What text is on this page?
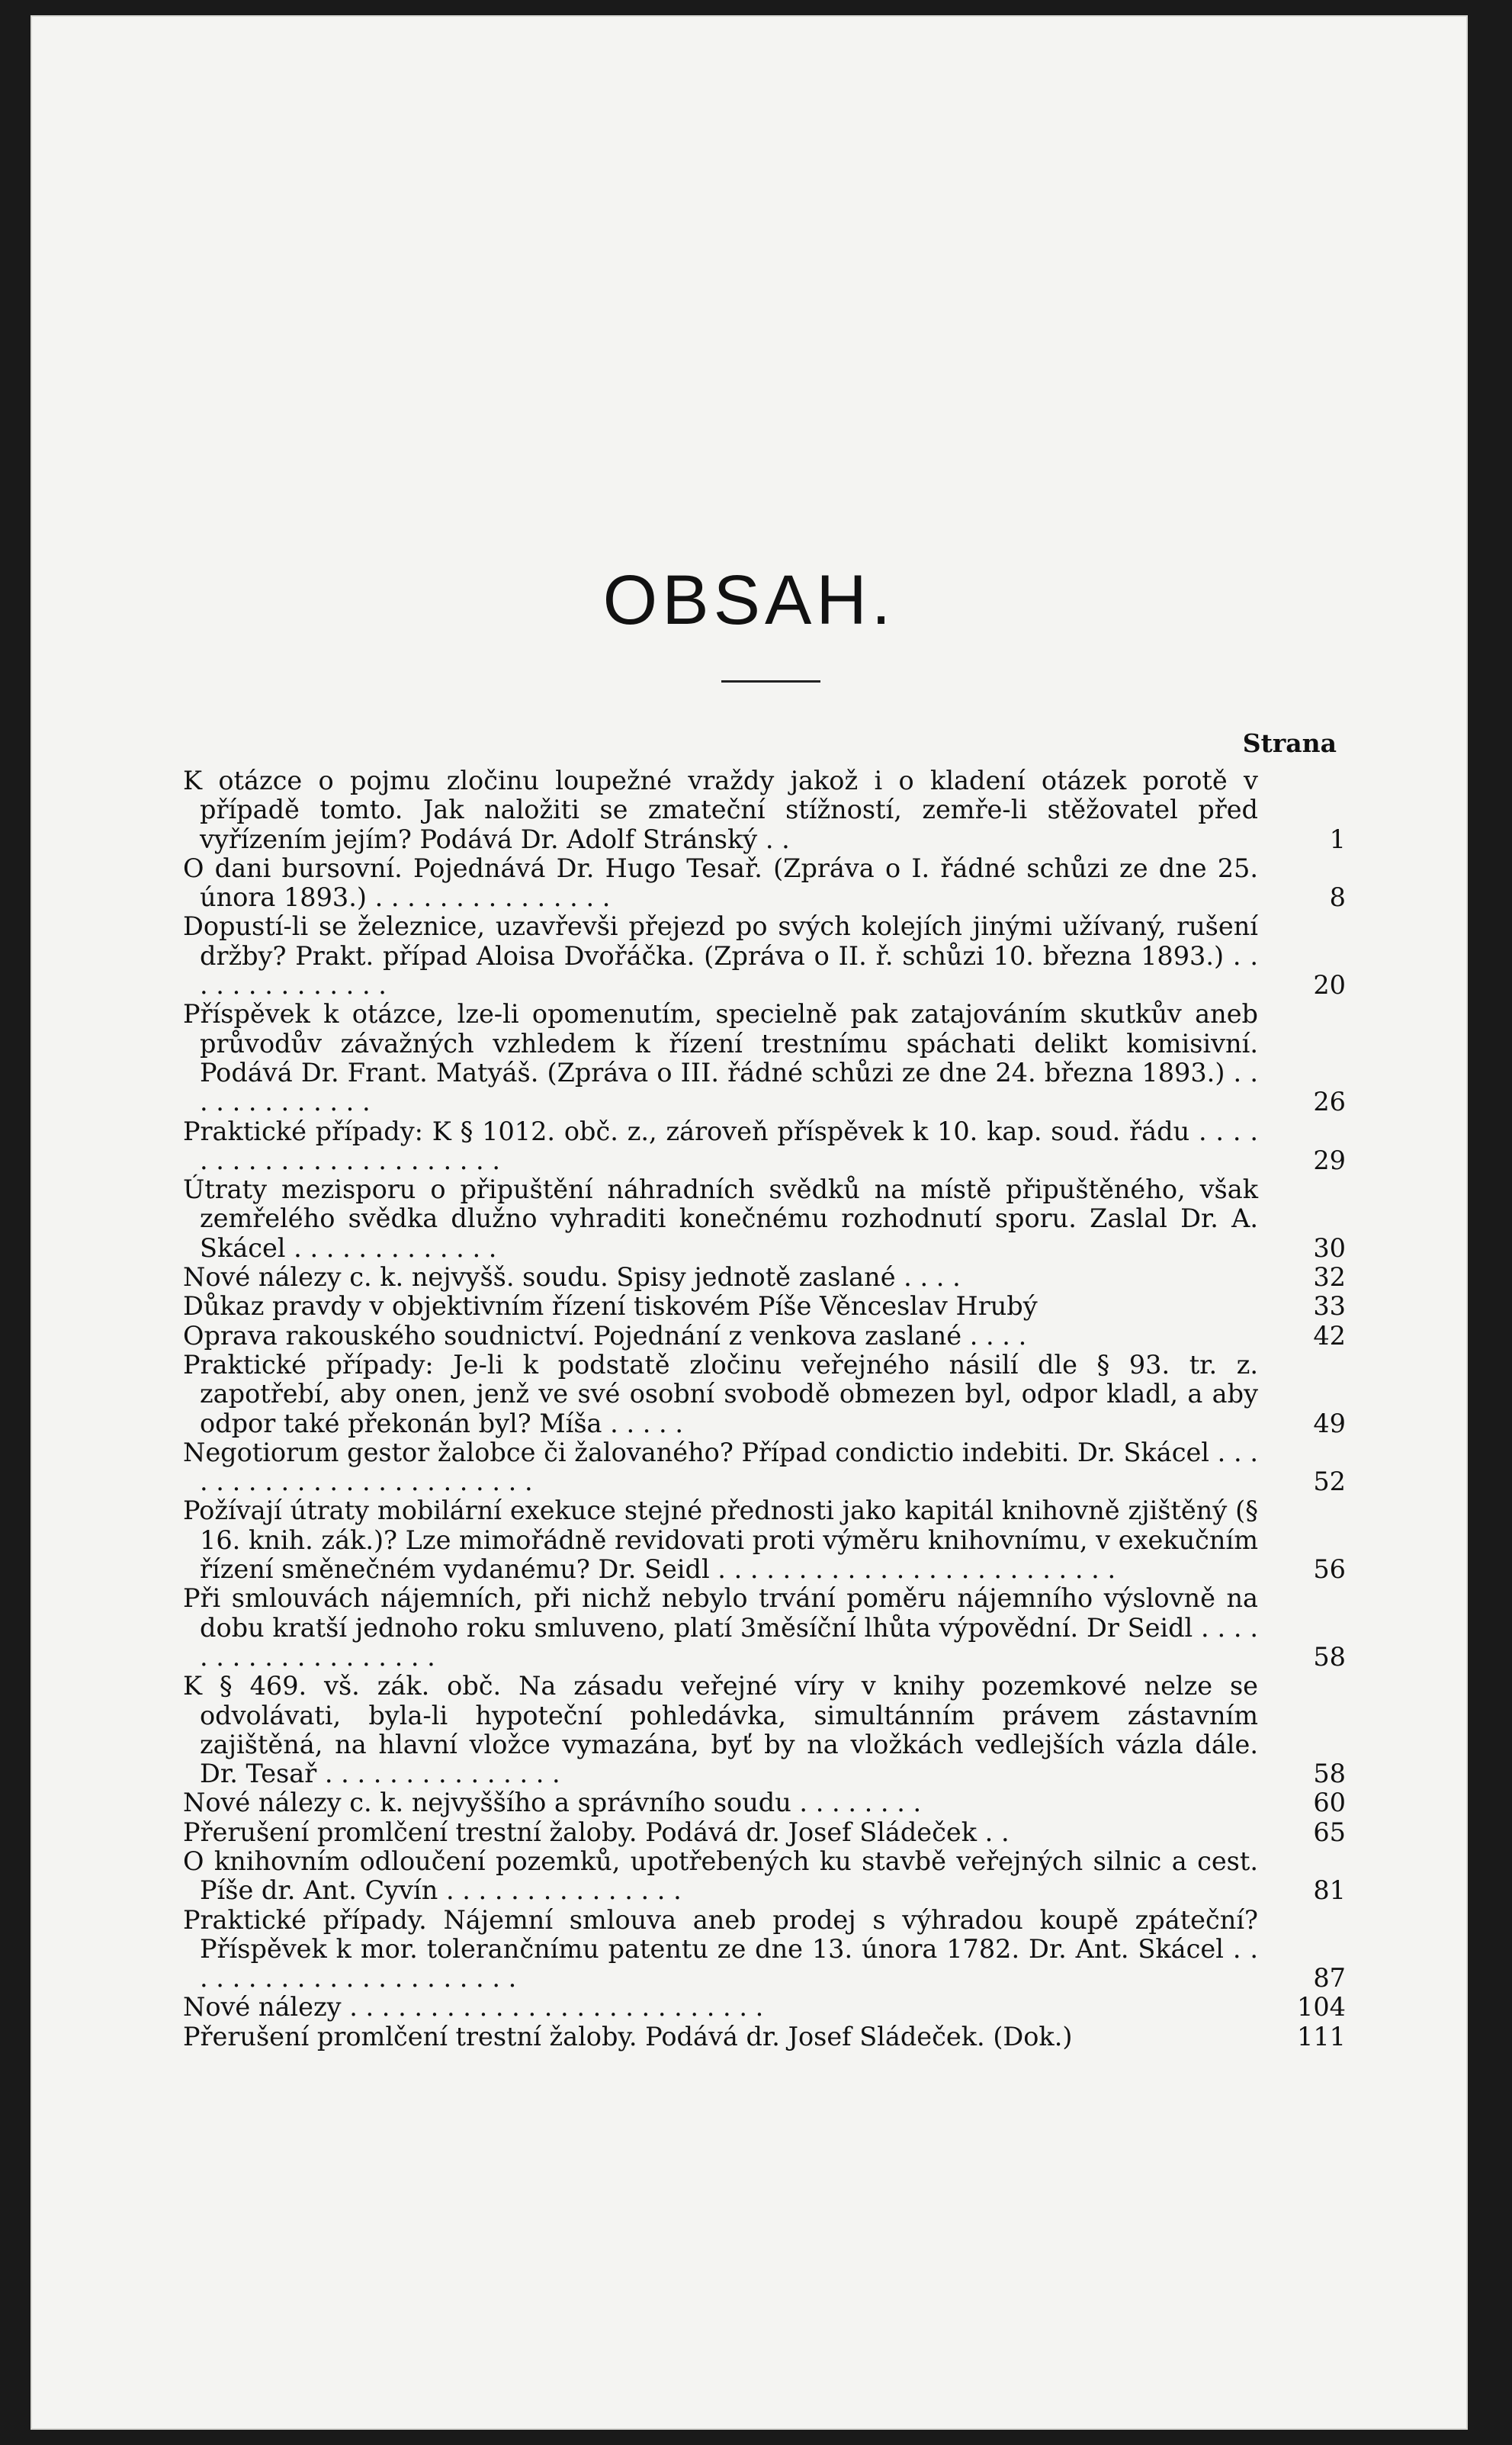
OBSAH.
Strana
K otázce o pojmu zločinu loupežné vraždy jakož i o kladení otázek porotě v případě tomto. Jak naložiti se zmateční stížností, zemře-li stěžovatel před vyřízením jejím? Podává Dr. Adolf Stránský . .	1
O dani bursovní. Pojednává Dr. Hugo Tesař. (Zpráva o I. řádné schůzi ze dne 25. února 1893.) . . . . . . . . . . . . . . .	8
Dopustí-li se železnice, uzavřevši přejezd po svých kolejích jinými užívaný, rušení držby? Prakt. případ Aloisa Dvořáčka. (Zpráva o II. ř. schůzi 10. března 1893.) . . . . . . . . . . . . . .	20
Příspěvek k otázce, lze-li opomenutím, specielně pak zatajováním skutkův aneb průvodův závažných vzhledem k řízení trestnímu spáchati delikt komisivní. Podává Dr. Frant. Matyáš. (Zpráva o III. řádné schůzi ze dne 24. března 1893.) . . . . . . . . . . . . .	26
Praktické případy: K § 1012. obč. z., zároveň příspěvek k 10. kap. soud. řádu . . . . . . . . . . . . . . . . . . . . . . .	29
Útraty mezisporu o připuštění náhradních svědků na místě připuštěného, však zemřelého svědka dlužno vyhraditi konečnému rozhodnutí sporu. Zaslal Dr. A. Skácel . . . . . . . . . . . . .	30
Nové nálezy c. k. nejvyšš. soudu. Spisy jednotě zaslané . . . .	32
Důkaz pravdy v objektivním řízení tiskovém Píše Věnceslav Hrubý	33
Oprava rakouského soudnictví. Pojednání z venkova zaslané . . . .	42
Praktické případy: Je-li k podstatě zločinu veřejného násilí dle § 93. tr. z. zapotřebí, aby onen, jenž ve své osobní svobodě obmezen byl, odpor kladl, a aby odpor také překonán byl? Míša . . . . .	49
Negotiorum gestor žalobce či žalovaného? Případ condictio indebiti. Dr. Skácel . . . . . . . . . . . . . . . . . . . . . . . .	52
Požívají útraty mobilární exekuce stejné přednosti jako kapitál knihovně zjištěný (§ 16. knih. zák.)? Lze mimořádně revidovati proti výměru knihovnímu, v exekučním řízení směnečném vydanému? Dr. Seidl . . . . . . . . . . . . . . . . . . . . . . . . .	56
Při smlouvách nájemních, při nichž nebylo trvání poměru nájemního výslovně na dobu kratší jednoho roku smluveno, platí 3měsíční lhůta výpovědní. Dr Seidl . . . . . . . . . . . . . . . . . . .	58
K § 469. vš. zák. obč. Na zásadu veřejné víry v knihy pozemkové nelze se odvolávati, byla-li hypoteční pohledávka, simultánním právem zástavním zajištěná, na hlavní vložce vymazána, byť by na vložkách vedlejších vázla dále. Dr. Tesař . . . . . . . . . . . . . . .	58
Nové nálezy c. k. nejvyššího a správního soudu . . . . . . . .	60
Přerušení promlčení trestní žaloby. Podává dr. Josef Sládeček . .	65
O knihovním odloučení pozemků, upotřebených ku stavbě veřejných silnic a cest. Píše dr. Ant. Cyvín . . . . . . . . . . . . . . .	81
Praktické případy. Nájemní smlouva aneb prodej s výhradou koupě zpáteční? Příspěvek k mor. tolerančnímu patentu ze dne 13. února 1782. Dr. Ant. Skácel . . . . . . . . . . . . . . . . . . . . . .	87
Nové nálezy . . . . . . . . . . . . . . . . . . . . . . . . . .	104
Přerušení promlčení trestní žaloby. Podává dr. Josef Sládeček. (Dok.)	111
